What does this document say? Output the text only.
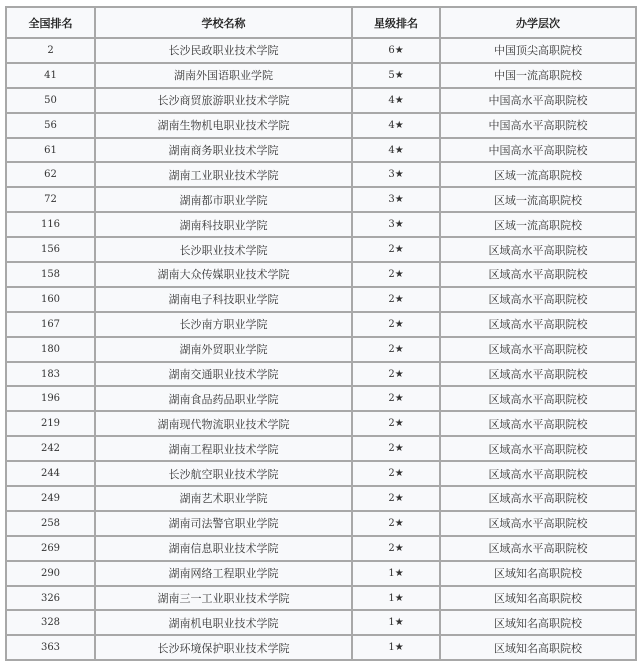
全国排名	学校名称	星级排名	办学层次
2	长沙民政职业技术学院	6★	中国顶尖高职院校
41	湖南外国语职业学院	5★	中国一流高职院校
50	长沙商贸旅游职业技术学院	4★	中国高水平高职院校
56	湖南生物机电职业技术学院	4★	中国高水平高职院校
61	湖南商务职业技术学院	4★	中国高水平高职院校
62	湖南工业职业技术学院	3★	区域一流高职院校
72	湖南都市职业学院	3★	区域一流高职院校
116	湖南科技职业学院	3★	区域一流高职院校
156	长沙职业技术学院	2★	区域高水平高职院校
158	湖南大众传媒职业技术学院	2★	区域高水平高职院校
160	湖南电子科技职业学院	2★	区域高水平高职院校
167	长沙南方职业学院	2★	区域高水平高职院校
180	湖南外贸职业学院	2★	区域高水平高职院校
183	湖南交通职业技术学院	2★	区域高水平高职院校
196	湖南食品药品职业学院	2★	区域高水平高职院校
219	湖南现代物流职业技术学院	2★	区域高水平高职院校
242	湖南工程职业技术学院	2★	区域高水平高职院校
244	长沙航空职业技术学院	2★	区域高水平高职院校
249	湖南艺术职业学院	2★	区域高水平高职院校
258	湖南司法警官职业学院	2★	区域高水平高职院校
269	湖南信息职业技术学院	2★	区域高水平高职院校
290	湖南网络工程职业学院	1★	区域知名高职院校
326	湖南三一工业职业技术学院	1★	区域知名高职院校
328	湖南机电职业技术学院	1★	区域知名高职院校
363	长沙环境保护职业技术学院	1★	区域知名高职院校
